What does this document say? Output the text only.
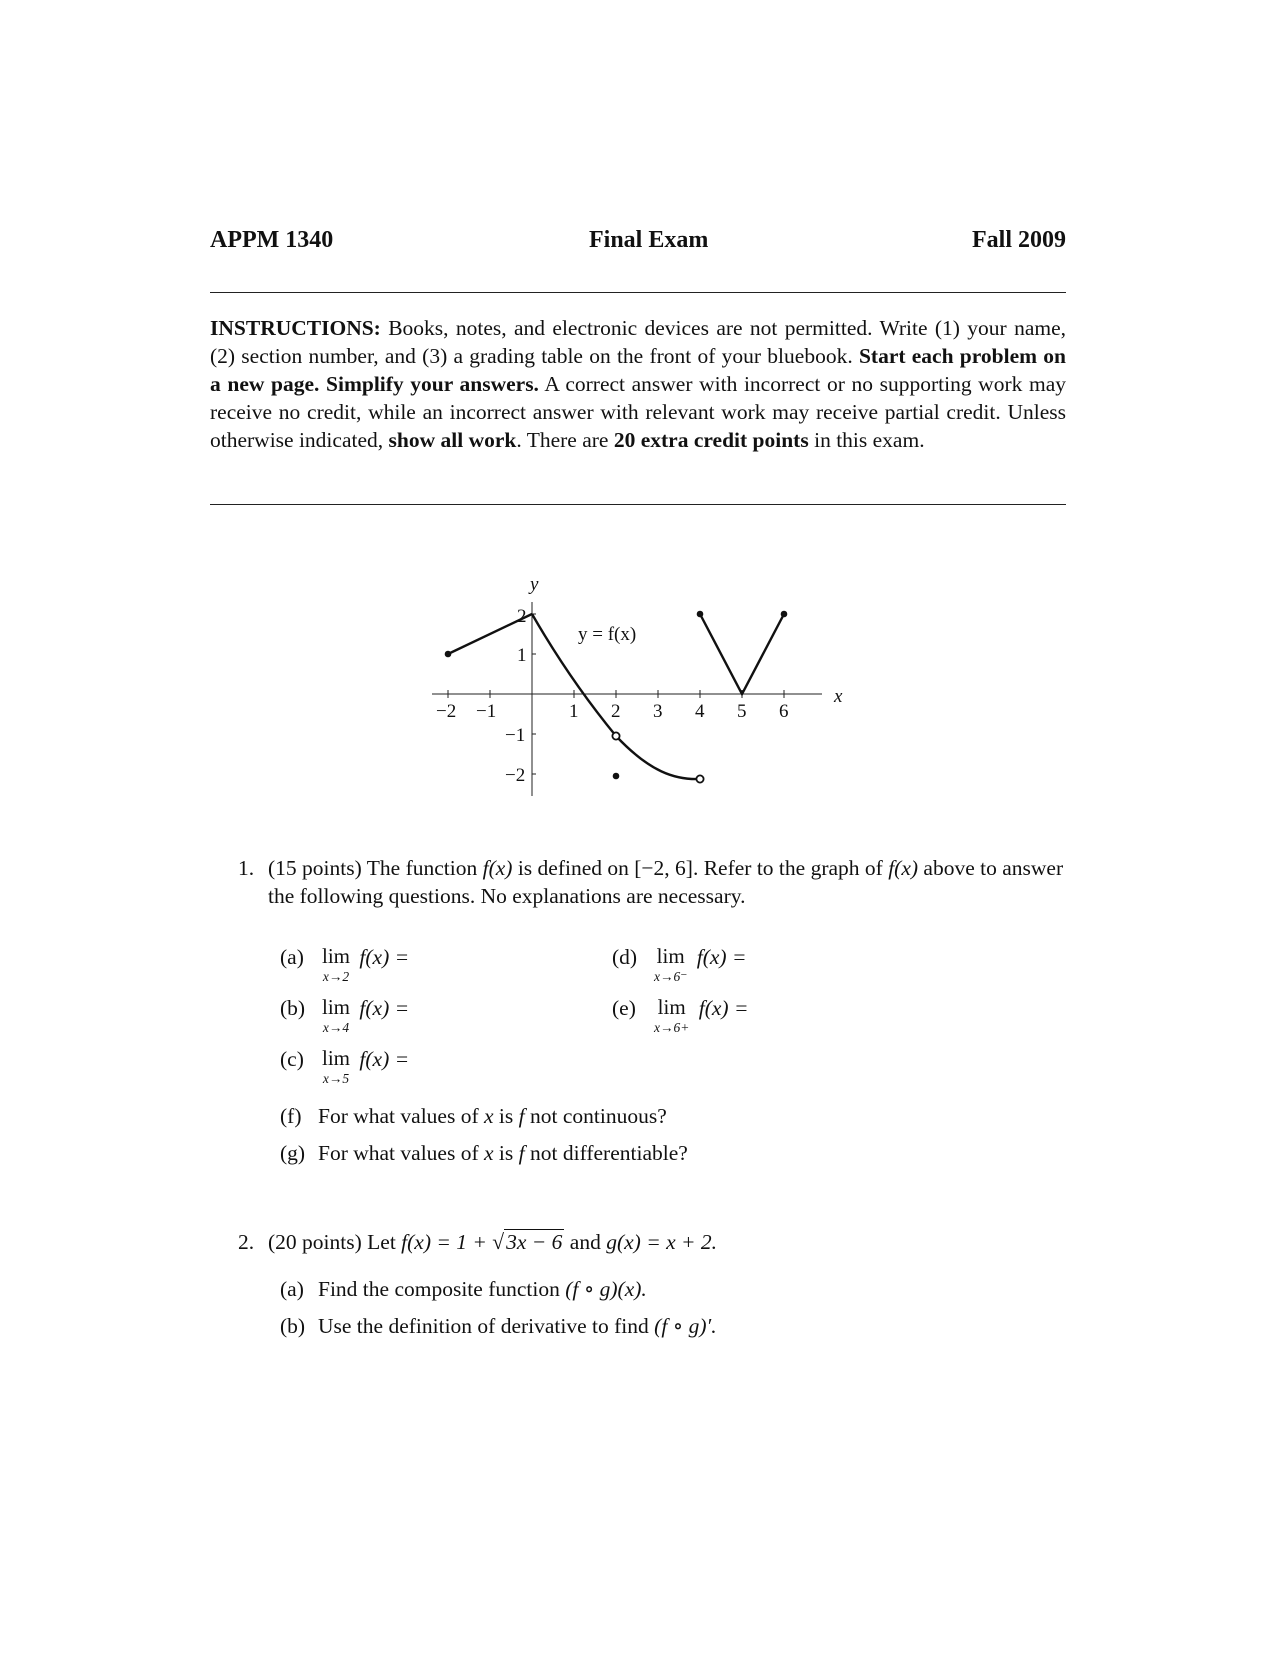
APPM 1340	Final Exam	Fall 2009
INSTRUCTIONS: Books, notes, and electronic devices are not permitted. Write (1) your name, (2) section number, and (3) a grading table on the front of your bluebook. Start each problem on a new page. Simplify your answers. A correct answer with incorrect or no supporting work may receive no credit, while an incorrect answer with relevant work may receive partial credit. Unless otherwise indicated, show all work. There are 20 extra credit points in this exam.
y
x
y = f(x)
−2 −1	1 2 3 4 5 6
2
1
−1
−2
1. (15 points) The function f(x) is defined on [−2, 6]. Refer to the graph of f(x) above to answer the following questions. No explanations are necessary.
(a) lim
x→2
f(x) =
(b) lim
x→4
f(x) =
(c) lim
x→5
f(x) =
(d) lim
x→6⁻
f(x) =
(e) lim
x→6+
f(x) =
(f) For what values of x is f not continuous?
(g) For what values of x is f not differentiable?
2. (20 points) Let f(x) = 1 + √3x − 6 and g(x) = x + 2.
(a) Find the composite function (f ∘ g)(x).
(b) Use the definition of derivative to find (f ∘ g)′.
